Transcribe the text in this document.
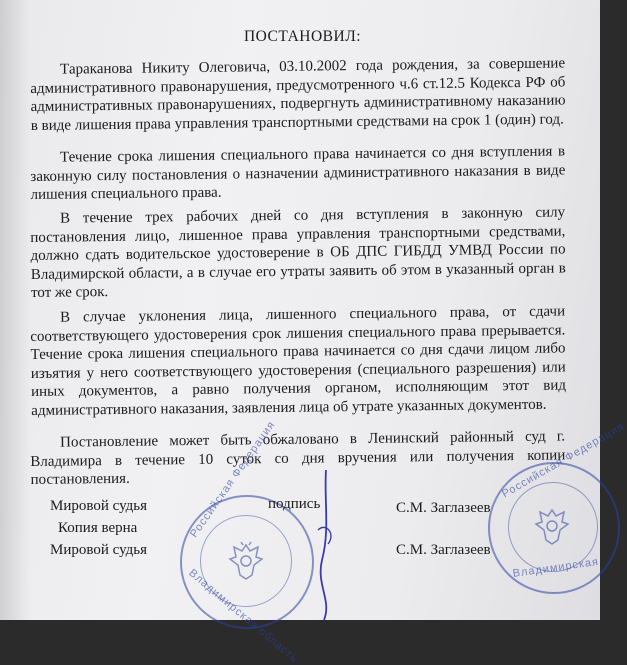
ПОСТАНОВИЛ:

Тараканова Никиту Олеговича, 03.10.2002 года рождения, за совершение административного правонарушения, предусмотренного ч.6 ст.12.5 Кодекса РФ об административных правонарушениях, подвергнуть административному наказанию в виде лишения права управления транспортными средствами на срок 1 (один) год.

Течение срока лишения специального права начинается со дня вступления в законную силу постановления о назначении административного наказания в виде лишения специального права.

В течение трех рабочих дней со дня вступления в законную силу постановления лицо, лишенное права управления транспортными средствами, должно сдать водительское удостоверение в ОБ ДПС ГИБДД УМВД России по Владимирской области, а в случае его утраты заявить об этом в указанный орган в тот же срок.

В случае уклонения лица, лишенного специального права, от сдачи соответствующего удостоверения срок лишения специального права прерывается. Течение срока лишения специального права начинается со дня сдачи лицом либо изъятия у него соответствующего удостоверения (специального разрешения) или иных документов, а равно получения органом, исполняющим этот вид административного наказания, заявления лица об утрате указанных документов.

Постановление может быть обжаловано в Ленинский районный суд г. Владимира в течение 10 суток со дня вручения или получения копии постановления.	Российская Федерация
Владимирская область
Российская Федерация
Владимирская
Мировой судья	подпись	С.М. Заглазеев
Копия верна
Мировой судья	С.М. Заглазеев
